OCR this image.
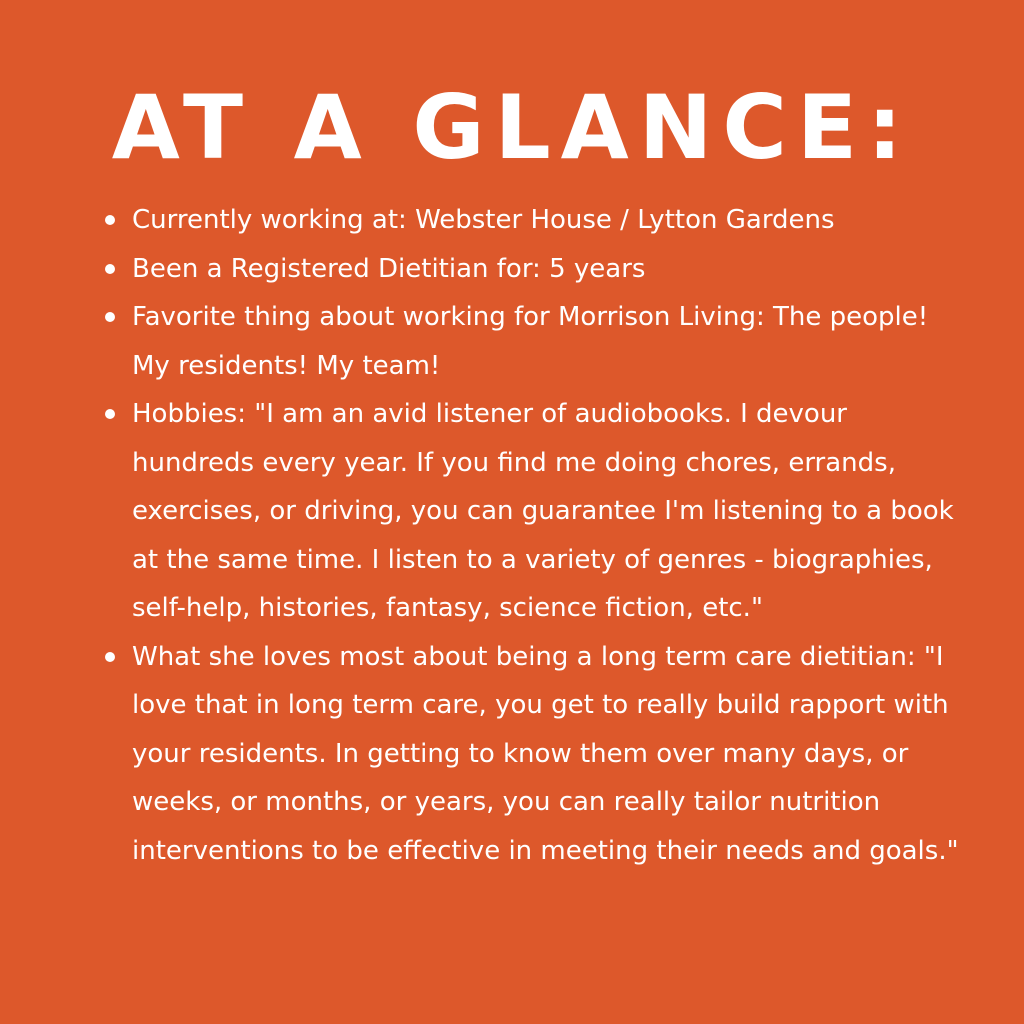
AT A GLANCE:
Currently working at: Webster House / Lytton Gardens
Been a Registered Dietitian for: 5 years
Favorite thing about working for Morrison Living: The people! My residents! My team!
Hobbies: "I am an avid listener of audiobooks. I devour hundreds every year. If you find me doing chores, errands, exercises, or driving, you can guarantee I'm listening to a book at the same time. I listen to a variety of genres - biographies, self-help, histories, fantasy, science fiction, etc."
What she loves most about being a long term care dietitian: "I love that in long term care, you get to really build rapport with your residents. In getting to know them over many days, or weeks, or months, or years, you can really tailor nutrition interventions to be effective in meeting their needs and goals."
